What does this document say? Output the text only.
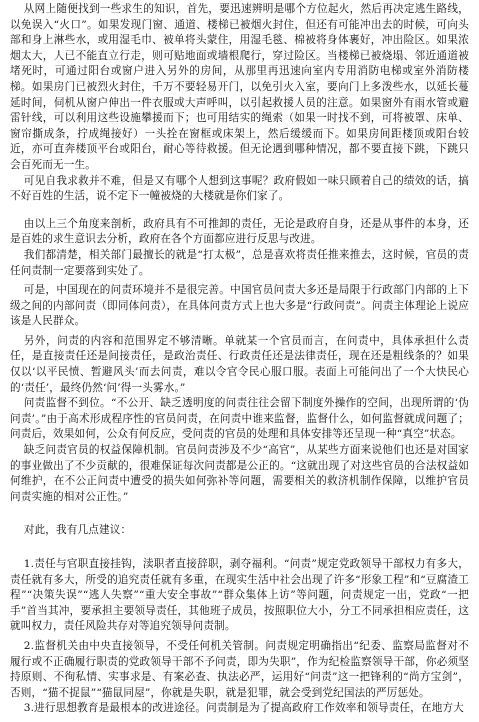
从网上随便找到一些求生的知识，首先，要迅速辨明是哪个方位起火，然后再决定逃生路线，以免误入“火口”。如果发现门窗、通道、楼梯已被烟火封住，但还有可能冲出去的时候，可向头部和身上淋些水，或用湿毛巾、被单将头蒙住，用湿毛毯、棉被将身体裹好，冲出险区。如果浓烟太大，人已不能直立行走，则可贴地面或墙根爬行，穿过险区。当楼梯已被烧塌、邻近通道被堵死时，可通过阳台或窗户进入另外的房间，从那里再迅速向室内专用消防电梯或室外消防楼梯。如果房门已被烈火封住，千万不要轻易开门，以免引火入室，要向门上多泼些水，以延长蔓延时间，伺机从窗户伸出一件衣服或大声呼叫，以引起救援人员的注意。如果窗外有雨水管或避雷针线，可以利用这些设施攀援而下；也可用结实的绳索（如果一时找不到，可将被罩、床单、窗帘撕成条，拧成绳接好）一头拴在窗框或床架上，然后缓缓而下。如果房间距楼顶或阳台较近，亦可直奔楼顶平台或阳台，耐心等待救援。但无论遇到哪种情况，都不要直接下跳，下跳只会百死而无一生。

可见自我求救并不难，但是又有哪个人想到这事呢？政府假如一味只顾着自己的绩效的话，搞不好百姓的生活，说不定下一幢被烧的大楼就是你们家了。

由以上三个角度来剖析，政府具有不可推卸的责任，无论是政府自身，还是从事件的本身，还是百姓的求生意识去分析，政府在各个方面都应进行反思与改进。

我们都清楚，相关部门最擅长的就是“打太极”，总是喜欢将责任推来推去，这时候，官员的责任问责制一定要落到实处了。

可是，中国现在的问责环境并不是很完善。中国官员问责大多还是局限于行政部门内部的上下级之间的内部问责（即同体问责），在具体问责方式上也大多是“行政问责”。问责主体理论上说应该是人民群众。

另外，问责的内容和范围界定不够清晰。单就某一个官员而言，在问责中，具体承担什么责任，是直接责任还是间接责任，是政治责任、行政责任还是法律责任，现在还是粗线条的？如果仅以‘以平民愤、暂避风头’而去问责，难以令官令民心服口服。表面上可能问出了一个大快民心的‘责任’，最终仍然‘问’得一头雾水。”

问责监督不到位。“不公开、缺乏透明度的问责往往会留下制度外操作的空间，出现所谓的‘伪问责’。”由于高术形成程序性的官员问责，在问责中谁来监督，监督什么，如何监督就成问题了；问责后，效果如何，公众有何反应，受问责的官员的处理和具体安排等还呈现一种“真空”状态。

缺乏问责官员的权益保障机制。官员问责涉及不少“高官”，从某些方面来说他们也还是对国家的事业做出了不少贡献的，很难保证每次问责都是公正的。“这就出现了对这些官员的合法权益如何维护，在不公正问责中遭受的损失如何弥补等问题，需要相关的救济机制作保障，以维护官员问责实施的相对公正性。”

对此，我有几点建议：

1.责任与官职直接挂钩，渎职者直接辞职，剥夺福利。“问责”规定党政领导干部权力有多大，责任就有多大，所受的追究责任就有多重，在现实生活中社会出现了许多“形象工程”和“豆腐渣工程”“决策失误”“逃人失察”“重大安全事故”“群众集体上访”等问题，问责规定一出，党政“一把手”首当其冲，要承担主要领导责任，其他班子成员，按照职位大小，分工不同承担相应责任，这就叫权力，责任风险共存对等追究领导问责制。

2.监督机关由中央直接领导，不受任何机关管制。问责规定明确指出“纪委、监察局监督对不履行或不正确履行职责的党政领导干部不予问责，即为失职”，作为纪检监察领导干部，你必须坚持原则、不徇私情、实事求是、有案必查、执法必严，运用好“问责”这一把锋利的“尚方宝剑”，否则，“猫不捉鼠”“猫鼠同屋”，你就是失职，就是犯罪，就会受到党纪国法的严厉惩处。

3.进行思想教育是最根本的改进途径。问责制是为了提高政府工作效率和领导责任，在地方大
